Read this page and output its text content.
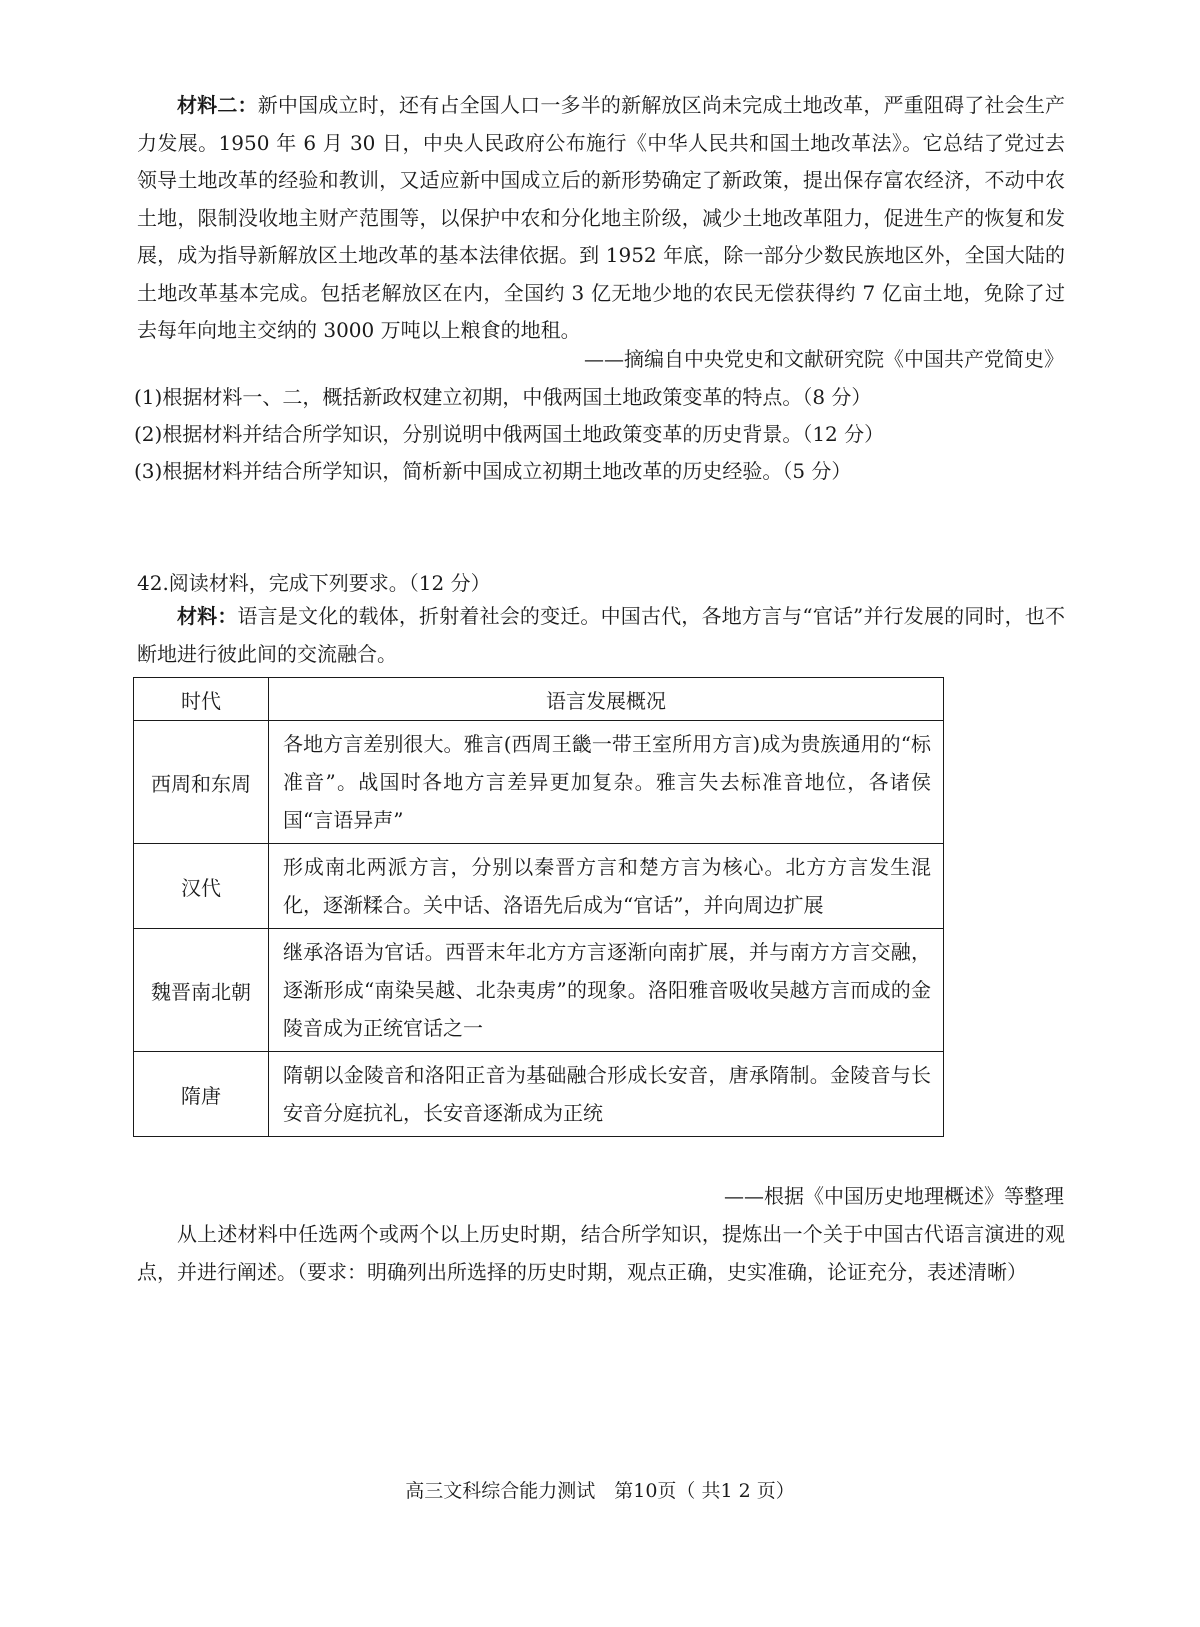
材料二：新中国成立时，还有占全国人口一多半的新解放区尚未完成土地改革，严重阻碍了社会生产力发展。1950 年 6 月 30 日，中央人民政府公布施行《中华人民共和国土地改革法》。它总结了党过去领导土地改革的经验和教训，又适应新中国成立后的新形势确定了新政策，提出保存富农经济，不动中农土地，限制没收地主财产范围等，以保护中农和分化地主阶级，减少土地改革阻力，促进生产的恢复和发展，成为指导新解放区土地改革的基本法律依据。到 1952 年底，除一部分少数民族地区外，全国大陆的土地改革基本完成。包括老解放区在内，全国约 3 亿无地少地的农民无偿获得约 7 亿亩土地，免除了过去每年向地主交纳的 3000 万吨以上粮食的地租。

——摘编自中央党史和文献研究院《中国共产党简史》
(1)根据材料一、二，概括新政权建立初期，中俄两国土地政策变革的特点。（8 分）
(2)根据材料并结合所学知识，分别说明中俄两国土地政策变革的历史背景。（12 分）
(3)根据材料并结合所学知识，简析新中国成立初期土地改革的历史经验。（5 分）
42.阅读材料，完成下列要求。（12 分）

材料：语言是文化的载体，折射着社会的变迁。中国古代，各地方言与“官话”并行发展的同时，也不断地进行彼此间的交流融合。

时代	语言发展概况
西周和东周	各地方言差别很大。雅言(西周王畿一带王室所用方言)成为贵族通用的“标准音”。战国时各地方言差异更加复杂。雅言失去标准音地位，各诸侯国“言语异声”
汉代	形成南北两派方言，分别以秦晋方言和楚方言为核心。北方方言发生混化，逐渐糅合。关中话、洛语先后成为“官话”，并向周边扩展
魏晋南北朝	继承洛语为官话。西晋末年北方方言逐渐向南扩展，并与南方方言交融，逐渐形成“南染吴越、北杂夷虏”的现象。洛阳雅音吸收吴越方言而成的金陵音成为正统官话之一
隋唐	隋朝以金陵音和洛阳正音为基础融合形成长安音，唐承隋制。金陵音与长安音分庭抗礼，长安音逐渐成为正统
——根据《中国历史地理概述》等整理

从上述材料中任选两个或两个以上历史时期，结合所学知识，提炼出一个关于中国古代语言演进的观点，并进行阐述。（要求：明确列出所选择的历史时期，观点正确，史实准确，论证充分，表述清晰）

高三文科综合能力测试　第10页（ 共1 2 页）
